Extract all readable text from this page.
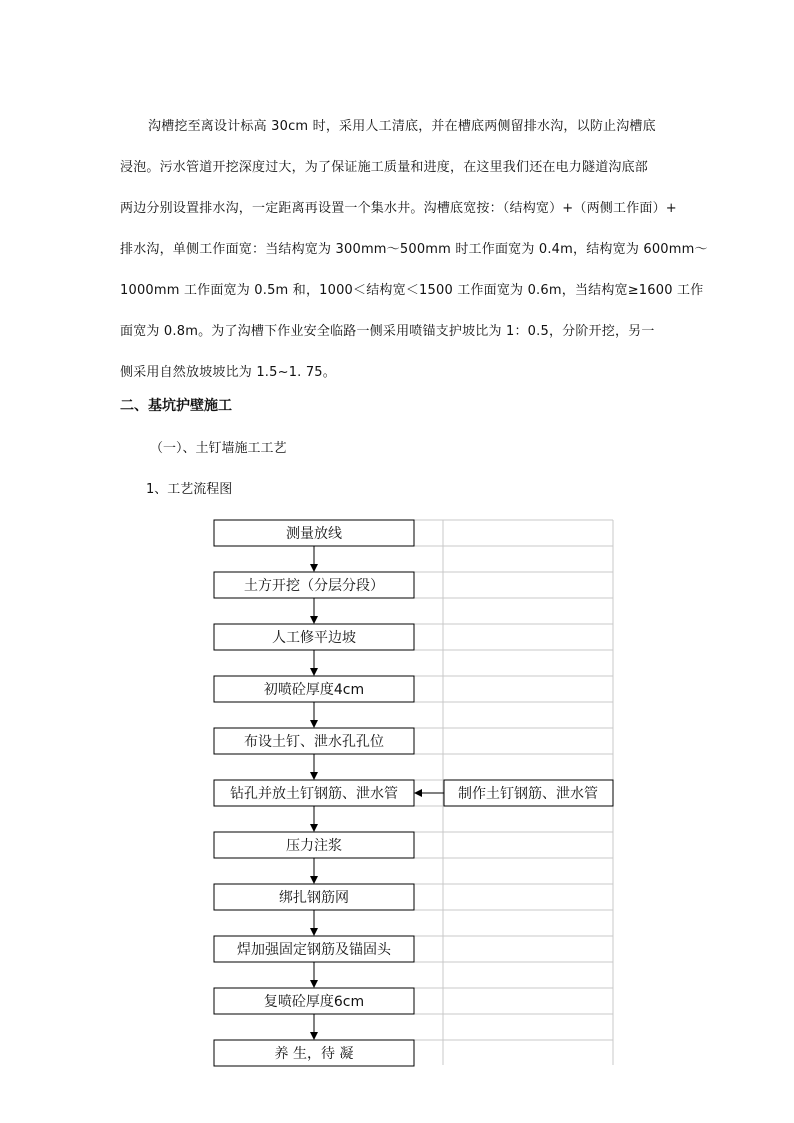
沟槽挖至离设计标高 30cm 时，采用人工清底，并在槽底两侧留排水沟，以防止沟槽底
浸泡。污水管道开挖深度过大，为了保证施工质量和进度，在这里我们还在电力隧道沟底部
两边分别设置排水沟，一定距离再设置一个集水井。沟槽底宽按：（结构宽）+（两侧工作面）+
排水沟，单侧工作面宽：当结构宽为 300mm～500mm 时工作面宽为 0.4m，结构宽为 600mm～
1000mm 工作面宽为 0.5m 和，1000＜结构宽＜1500 工作面宽为 0.6m，当结构宽≥1600 工作
面宽为 0.8m。为了沟槽下作业安全临路一侧采用喷锚支护坡比为 1：0.5，分阶开挖，另一
侧采用自然放坡坡比为 1.5~1. 75。
二、基坑护壁施工

（一）、土钉墙施工工艺

1、工艺流程图

测量放线
土方开挖（分层分段）
人工修平边坡
初喷砼厚度4cm
布设土钉、泄水孔孔位
钻孔并放土钉钢筋、泄水管
压力注浆
绑扎钢筋网
焊加强固定钢筋及锚固头
复喷砼厚度6cm
养 生，待 凝
制作土钉钢筋、泄水管
